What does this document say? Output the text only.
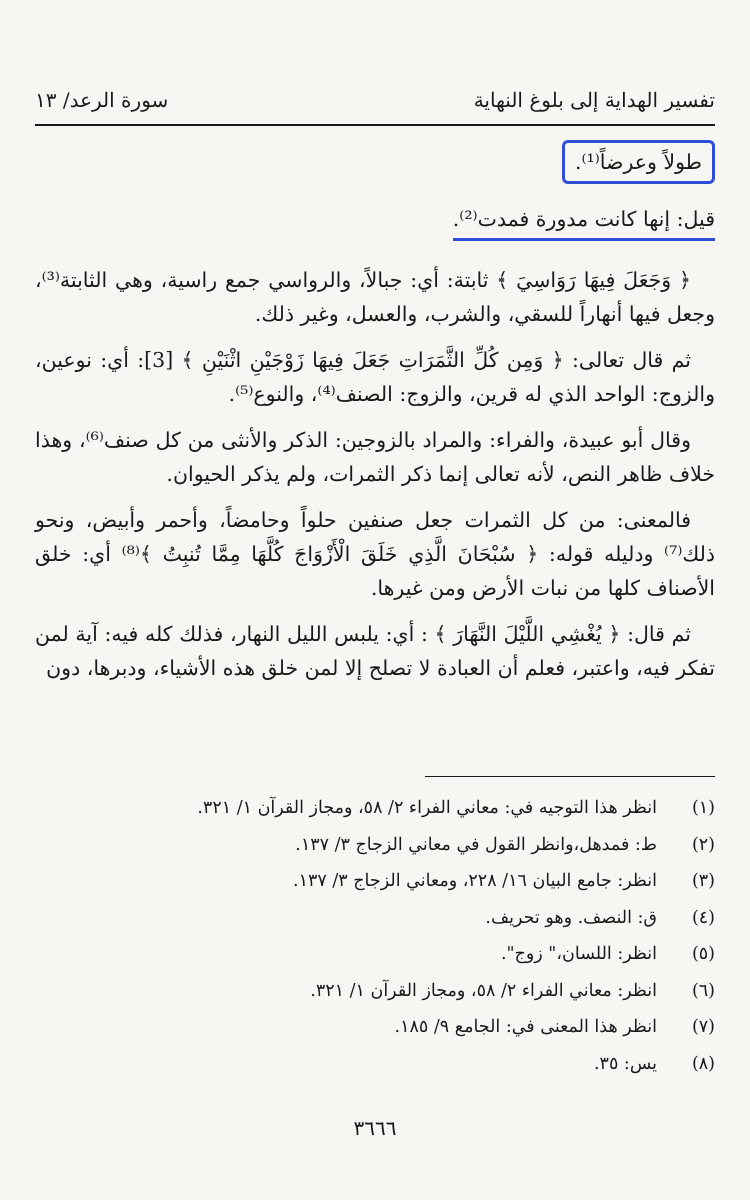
تفسير الهداية إلى بلوغ النهاية
سورة الرعد/ ١٣

طولاً وعرضاً⁽¹⁾.

قيل: إنها كانت مدورة فمدت⁽²⁾.

﴿ وَجَعَلَ فِيهَا رَوَاسِيَ ﴾ ثابتة: أي: جبالاً، والرواسي جمع راسية، وهي الثابتة⁽³⁾، وجعل فيها أنهاراً للسقي، والشرب، والعسل، وغير ذلك.

ثم قال تعالى: ﴿ وَمِن كُلِّ الثَّمَرَاتِ جَعَلَ فِيهَا زَوْجَيْنِ اثْنَيْنِ ﴾ [3]: أي: نوعين، والزوج: الواحد الذي له قرين، والزوج: الصنف⁽⁴⁾، والنوع⁽⁵⁾.

وقال أبو عبيدة، والفراء: والمراد بالزوجين: الذكر والأنثى من كل صنف⁽⁶⁾، وهذا خلاف ظاهر النص، لأنه تعالى إنما ذكر الثمرات، ولم يذكر الحيوان.

فالمعنى: من كل الثمرات جعل صنفين حلواً وحامضاً، وأحمر وأبيض، ونحو ذلك⁽⁷⁾ ودليله قوله: ﴿ سُبْحَانَ الَّذِي خَلَقَ الْأَزْوَاجَ كُلَّهَا مِمَّا تُنبِتُ ﴾⁽⁸⁾ أي: خلق الأصناف كلها من نبات الأرض ومن غيرها.

ثم قال: ﴿ يُغْشِي اللَّيْلَ النَّهَارَ ﴾ : أي: يلبس الليل النهار، فذلك كله فيه: آية لمن تفكر فيه، واعتبر، فعلم أن العبادة لا تصلح إلا لمن خلق هذه الأشياء، ودبرها، دون

(١)
انظر هذا التوجيه في: معاني الفراء ٢/ ٥٨، ومجاز القرآن ١/ ٣٢١.
(٢)
ط: فمدهل،وانظر القول في معاني الزجاج ٣/ ١٣٧.
(٣)
انظر: جامع البيان ١٦/ ٢٢٨، ومعاني الزجاج ٣/ ١٣٧.
(٤)
ق: النصف. وهو تحريف.
(٥)
انظر: اللسان،" زوج".
(٦)
انظر: معاني الفراء ٢/ ٥٨، ومجاز القرآن ١/ ٣٢١.
(٧)
انظر هذا المعنى في: الجامع ٩/ ١٨٥.
(٨)
يس: ٣٥.
٣٦٦٦
